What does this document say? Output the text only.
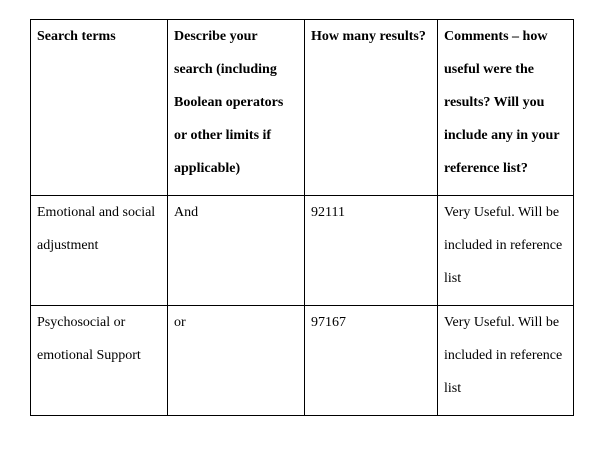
Search terms	Describe your search (including Boolean operators or other limits if applicable)	How many results?	Comments – how useful were the results? Will you include any in your reference list?
Emotional and social adjustment	And	92111	Very Useful. Will be included in reference list
Psychosocial or emotional Support	or	97167	Very Useful. Will be included in reference list
